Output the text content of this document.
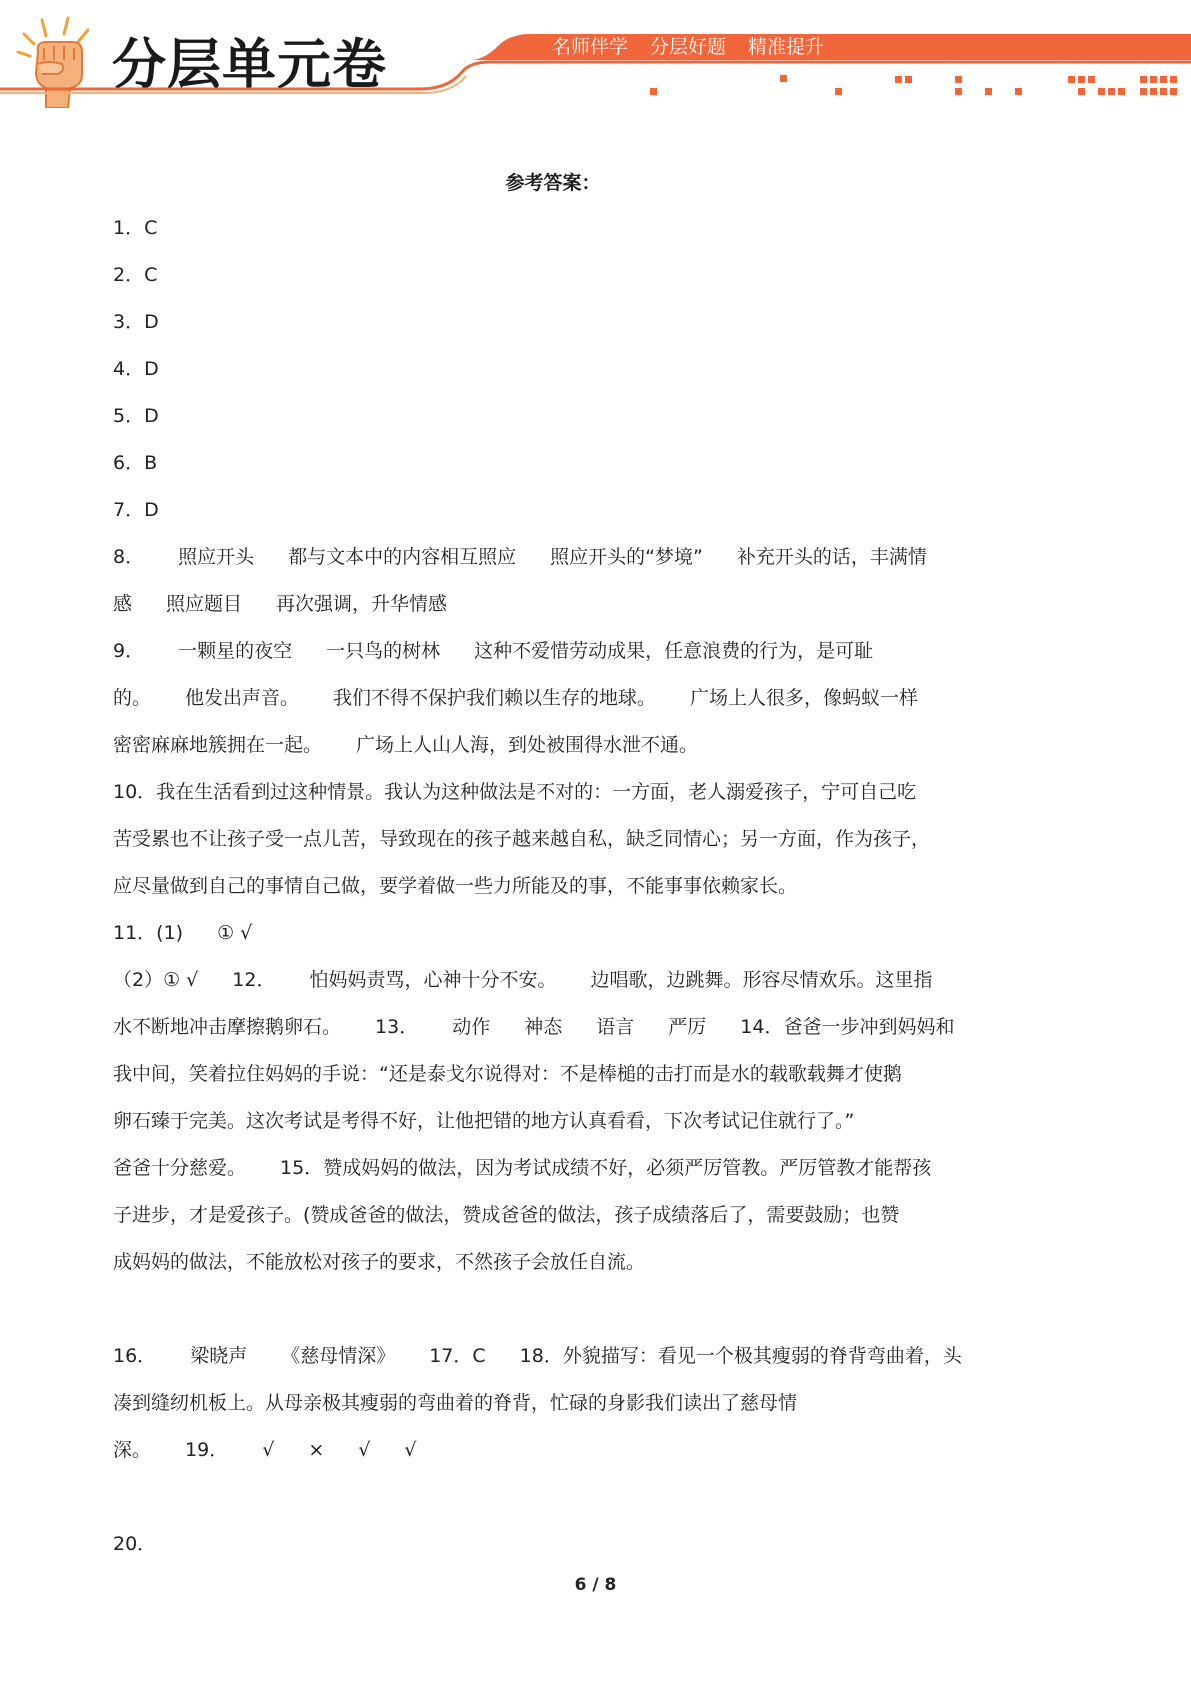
分层单元卷	名师伴学 分层好题 精准提升
参考答案：
1．C
2．C
3．D
4．D
5．D
6．B
7．D
8． 照应开头 都与文本中的内容相互照应 照应开头的“梦境” 补充开头的话，丰满情
感 照应题目 再次强调，升华情感
9． 一颗星的夜空 一只鸟的树林 这种不爱惜劳动成果，任意浪费的行为，是可耻
的。 他发出声音。 我们不得不保护我们赖以生存的地球。 广场上人很多，像蚂蚁一样
密密麻麻地簇拥在一起。 广场上人山人海，到处被围得水泄不通。
10．我在生活看到过这种情景。我认为这种做法是不对的：一方面，老人溺爱孩子，宁可自己吃
苦受累也不让孩子受一点儿苦，导致现在的孩子越来越自私，缺乏同情心；另一方面，作为孩子，
应尽量做到自己的事情自己做，要学着做一些力所能及的事，不能事事依赖家长。
11．(1) ① √
（2）① √ 12． 怕妈妈责骂，心神十分不安。 边唱歌，边跳舞。形容尽情欢乐。这里指
水不断地冲击摩擦鹅卵石。 13． 动作 神态 语言 严厉 14．爸爸一步冲到妈妈和
我中间，笑着拉住妈妈的手说：“还是泰戈尔说得对：不是棒槌的击打而是水的载歌载舞才使鹅
卵石臻于完美。这次考试是考得不好，让他把错的地方认真看看，下次考试记住就行了。”
爸爸十分慈爱。 15．赞成妈妈的做法，因为考试成绩不好，必须严厉管教。严厉管教才能帮孩
子进步，才是爱孩子。(赞成爸爸的做法，赞成爸爸的做法，孩子成绩落后了，需要鼓励；也赞
成妈妈的做法，不能放松对孩子的要求，不然孩子会放任自流。
16． 梁晓声 《慈母情深》 17．C 18．外貌描写：看见一个极其瘦弱的脊背弯曲着，头
凑到缝纫机板上。从母亲极其瘦弱的弯曲着的脊背，忙碌的身影我们读出了慈母情
深。 19． √ × √ √
20．
6 / 8
